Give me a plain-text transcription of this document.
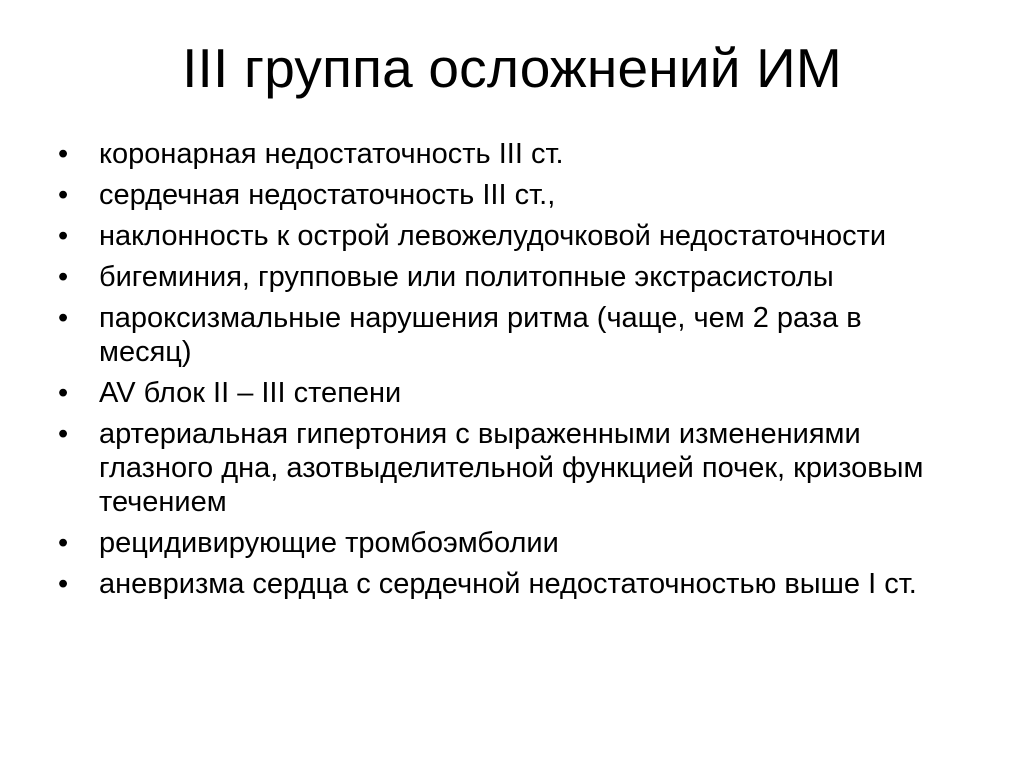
III группа осложнений ИМ
•	коронарная недостаточность III ст.
•	сердечная недостаточность III ст.,
•	наклонность к острой левожелудочковой недостаточности
•	бигеминия, групповые или политопные экстрасистолы
•	пароксизмальные нарушения ритма (чаще, чем 2 раза в месяц)
•	AV блок II – III степени
•	артериальная гипертония с выраженными изменениями глазного дна, азотвыделительной функцией почек, кризовым течением
•	рецидивирующие тромбоэмболии
•	аневризма сердца с сердечной недостаточностью выше I ст.
